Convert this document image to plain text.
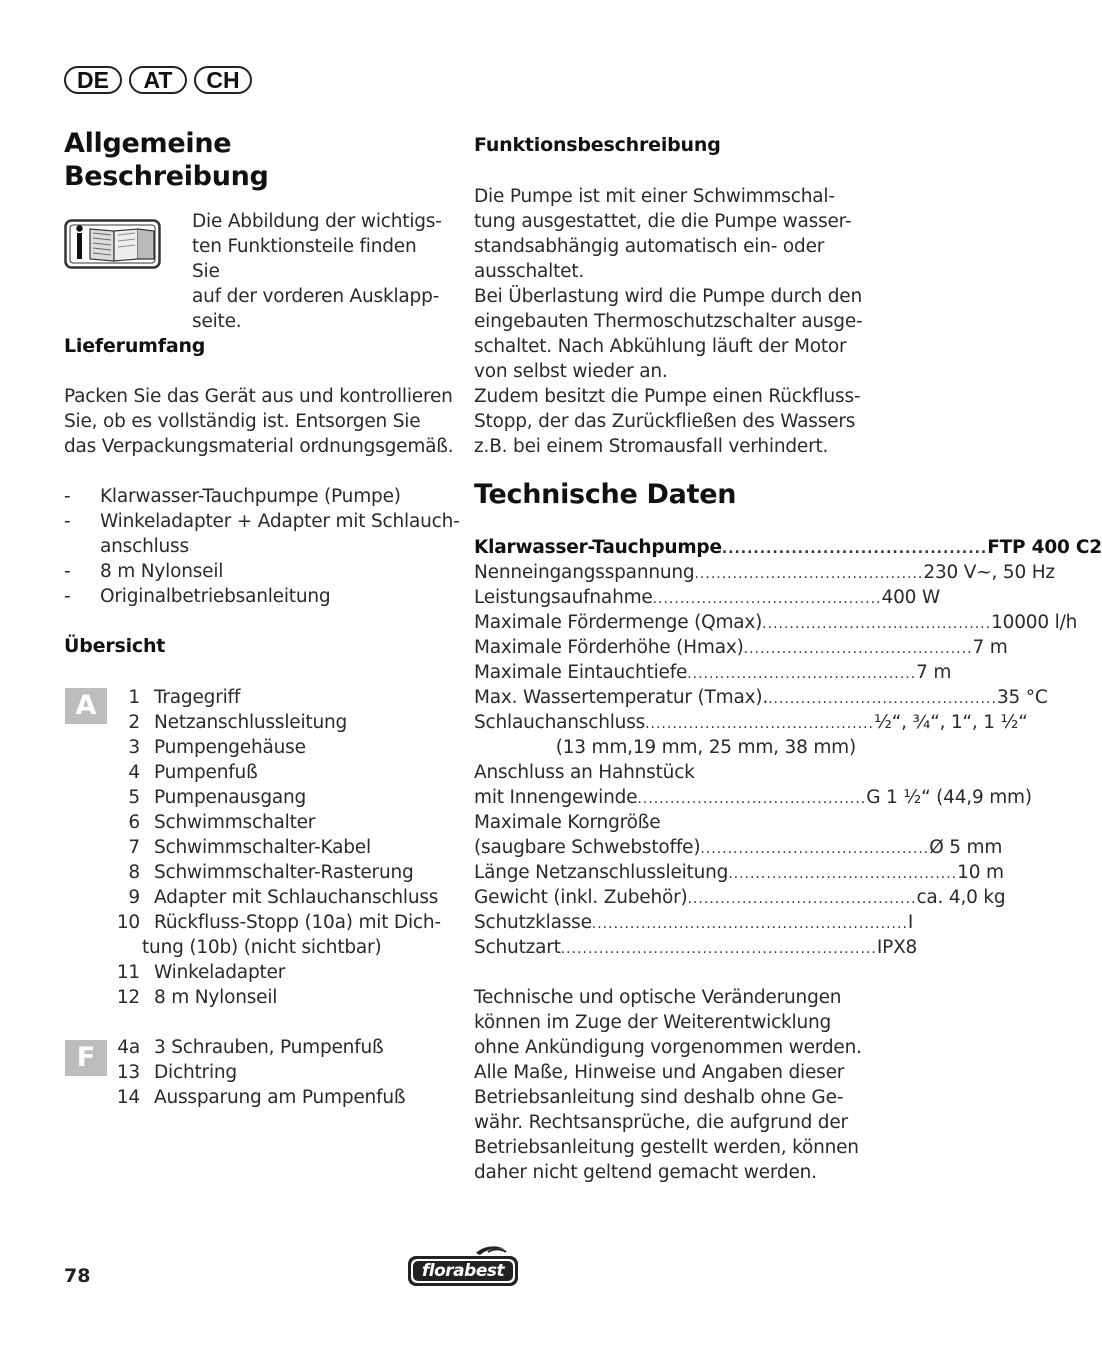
DE	AT	CH
Allgemeine
Beschreibung
Die Abbildung der wichtigs-
ten Funktionsteile finden Sie
auf der vorderen Ausklapp-
seite.
Lieferumfang
Packen Sie das Gerät aus und kontrollieren
Sie, ob es vollständig ist. Entsorgen Sie
das Verpackungsmaterial ordnungsgemäß.
- Klarwasser-Tauchpumpe (Pumpe)
- Winkeladapter + Adapter mit Schlauch-
anschluss
- 8 m Nylonseil
- Originalbetriebsanleitung
Übersicht
A
F
1 Tragegriff
2 Netzanschlussleitung
3 Pumpengehäuse
4 Pumpenfuß
5 Pumpenausgang
6 Schwimmschalter
7 Schwimmschalter-Kabel
8 Schwimmschalter-Rasterung
9 Adapter mit Schlauchanschluss
10 Rückfluss-Stopp (10a) mit Dich-
tung (10b) (nicht sichtbar)
11 Winkeladapter
12 8 m Nylonseil
4a 3 Schrauben, Pumpenfuß
13 Dichtring
14 Aussparung am Pumpenfuß
Funktionsbeschreibung
Die Pumpe ist mit einer Schwimmschal-
tung ausgestattet, die die Pumpe wasser-
standsabhängig automatisch ein- oder
ausschaltet.
Bei Überlastung wird die Pumpe durch den
eingebauten Thermoschutzschalter ausge-
schaltet. Nach Abkühlung läuft der Motor
von selbst wieder an.
Zudem besitzt die Pumpe einen Rückfluss-
Stopp, der das Zurückfließen des Wassers
z.B. bei einem Stromausfall verhindert.
Technische Daten
Klarwasser-Tauchpumpe .......................................... FTP 400 C2
Nenneingangsspannung .......................................... 230 V~, 50 Hz
Leistungsaufnahme .......................................... 400 W
Maximale Fördermenge (Qmax) .......................................... 10000 l/h
Maximale Förderhöhe (Hmax) .......................................... 7 m
Maximale Eintauchtiefe .......................................... 7 m
Max. Wassertemperatur (Tmax). .......................................... 35 °C
Schlauchanschluss .......................................... ½“, ¾“, 1“, 1 ½“
(13 mm,19 mm, 25 mm, 38 mm)
Anschluss an Hahnstück
mit Innengewinde .......................................... G 1 ½“ (44,9 mm)
Maximale Korngröße
(saugbare Schwebstoffe) .......................................... Ø 5 mm
Länge Netzanschlussleitung .......................................... 10 m
Gewicht (inkl. Zubehör) .......................................... ca. 4,0 kg
Schutzklasse .......................................................... I
Schutzart .......................................................... IPX8
Technische und optische Veränderungen
können im Zuge der Weiterentwicklung
ohne Ankündigung vorgenommen werden.
Alle Maße, Hinweise und Angaben dieser
Betriebsanleitung sind deshalb ohne Ge-
währ. Rechtsansprüche, die aufgrund der
Betriebsanleitung gestellt werden, können
daher nicht geltend gemacht werden.
78	florabest
